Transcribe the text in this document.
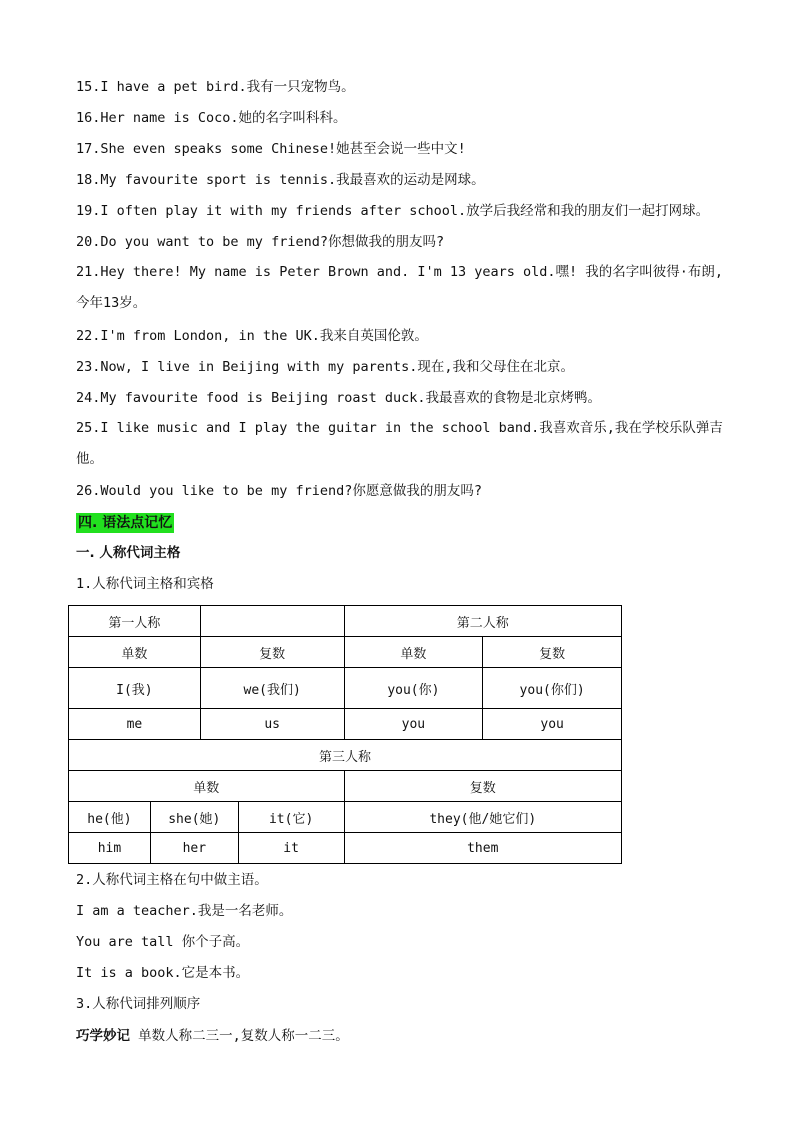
15.I have a pet bird.我有一只宠物鸟。
16.Her name is Coco.她的名字叫科科。
17.She even speaks some Chinese!她甚至会说一些中文!
18.My favourite sport is tennis.我最喜欢的运动是网球。
19.I often play it with my friends after school.放学后我经常和我的朋友们一起打网球。
20.Do you want to be my friend?你想做我的朋友吗?
21.Hey there! My name is Peter Brown and. I'm 13 years old.嘿! 我的名字叫彼得·布朗,今年13岁。
22.I'm from London, in the UK.我来自英国伦敦。
23.Now, I live in Beijing with my parents.现在,我和父母住在北京。
24.My favourite food is Beijing roast duck.我最喜欢的食物是北京烤鸭。
25.I like music and I play the guitar in the school band.我喜欢音乐,我在学校乐队弹吉他。
26.Would you like to be my friend?你愿意做我的朋友吗?
四. 语法点记忆
一. 人称代词主格
1.人称代词主格和宾格
第一人称				第二人称	
单数		复数		单数	复数
I(我)		we(我们)		you(你)	you(你们)
me		us		you	you
第三人称					
单数				复数	
he(他)	she(她)		it(它)	they(他/她它们)	
him	her		it	them	
2.人称代词主格在句中做主语。
I am a teacher.我是一名老师。
You are tall 你个子高。
It is a book.它是本书。
3.人称代词排列顺序
巧学妙记 单数人称二三一,复数人称一二三。
